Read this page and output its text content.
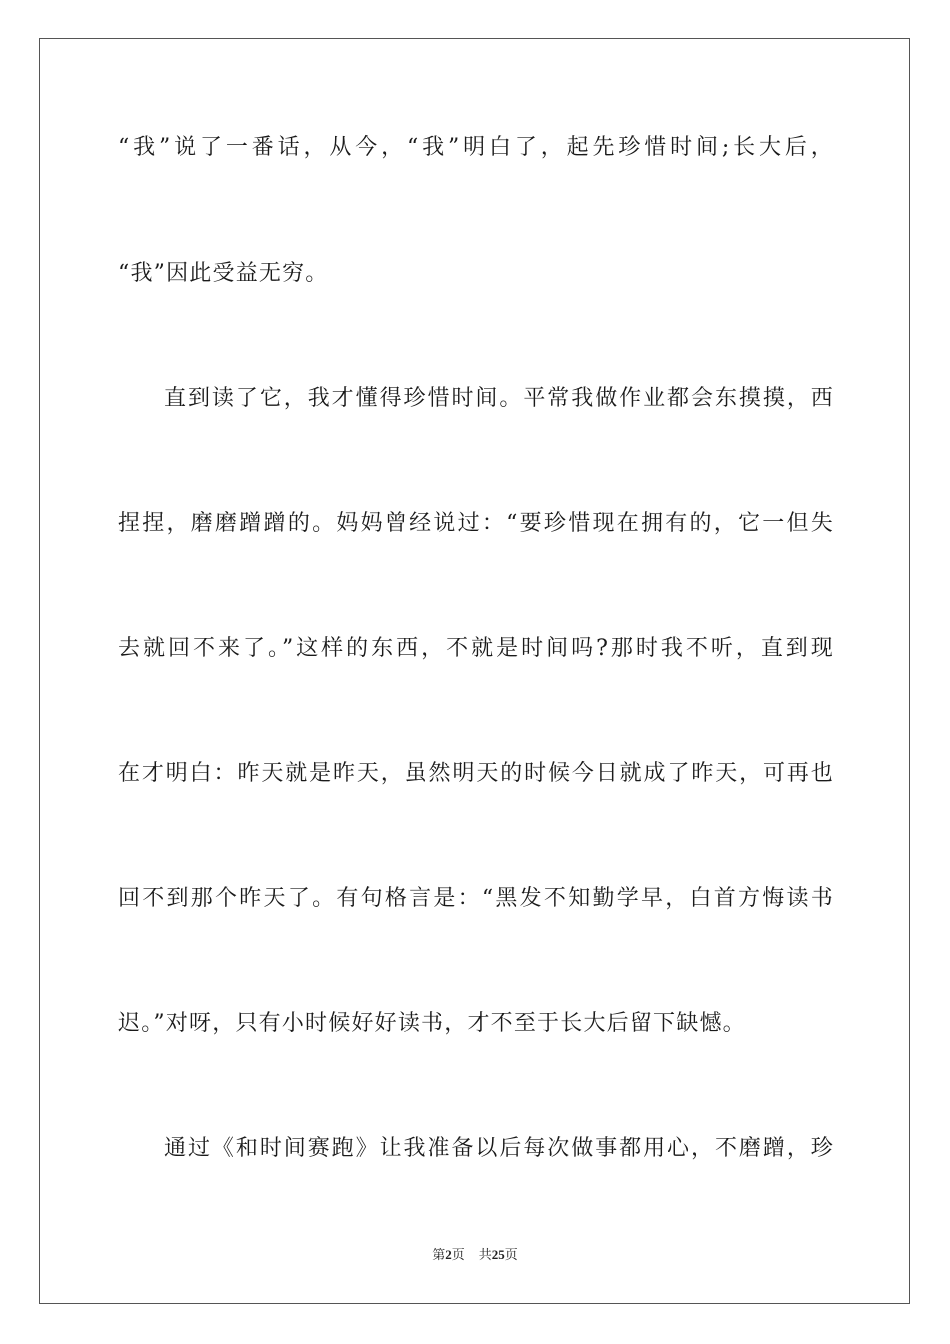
“我”说了一番话，从今，“我”明白了，起先珍惜时间;长大后，
“我”因此受益无穷。
直到读了它，我才懂得珍惜时间。平常我做作业都会东摸摸，西
捏捏，磨磨蹭蹭的。妈妈曾经说过：“要珍惜现在拥有的，它一但失
去就回不来了。”这样的东西，不就是时间吗?那时我不听，直到现
在才明白：昨天就是昨天，虽然明天的时候今日就成了昨天，可再也
回不到那个昨天了。有句格言是：“黑发不知勤学早，白首方悔读书
迟。”对呀，只有小时候好好读书，才不至于长大后留下缺憾。
通过《和时间赛跑》让我准备以后每次做事都用心，不磨蹭，珍
第2页 共25页
